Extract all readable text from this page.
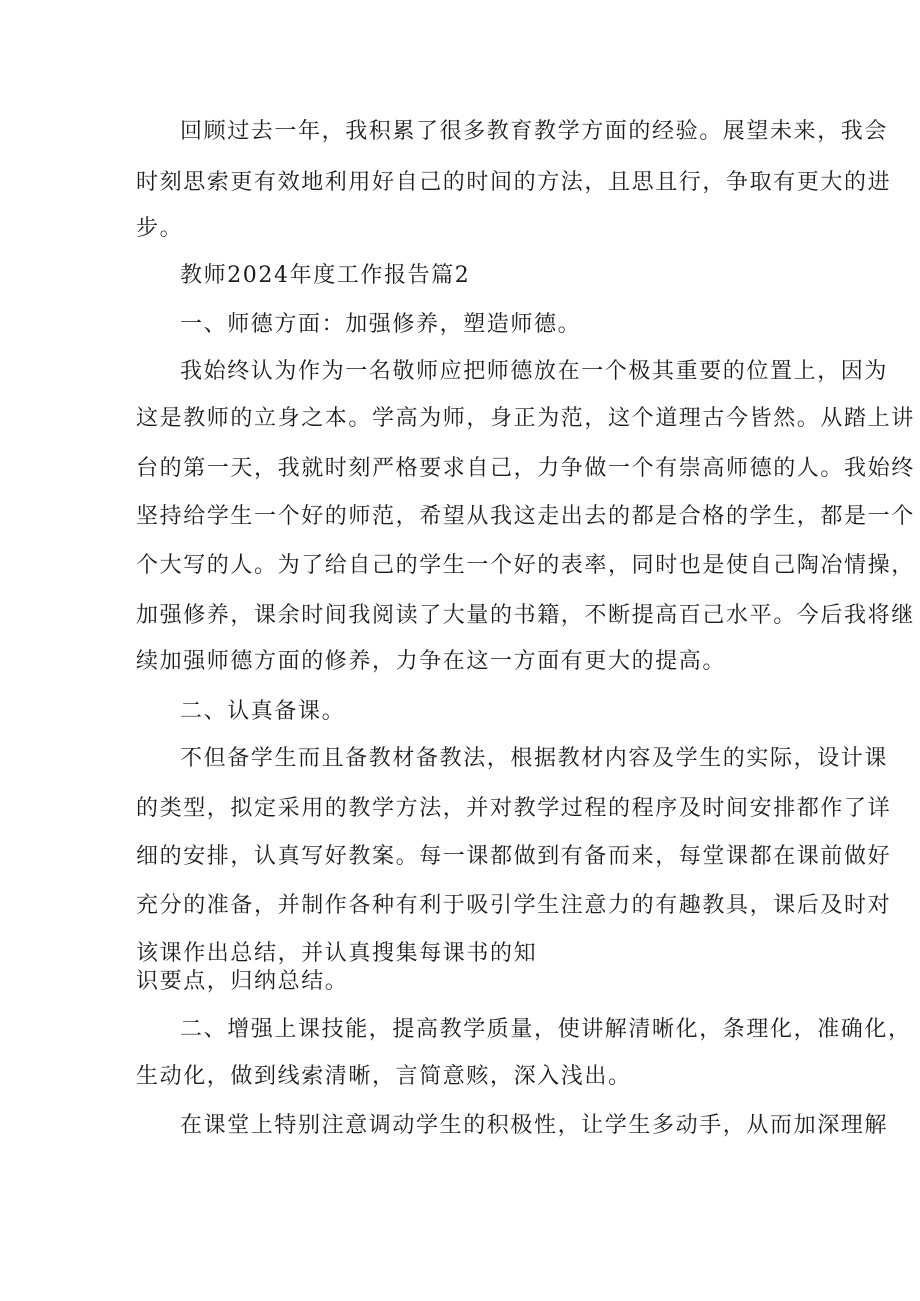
回顾过去一年，我积累了很多教育教学方面的经验。展望未来，我会
时刻思索更有效地利用好自己的时间的方法，且思且行，争取有更大的进
步。
教师2024年度工作报告篇2
一、师德方面：加强修养，塑造师德。
我始终认为作为一名敬师应把师德放在一个极其重要的位置上，因为
这是教师的立身之本。学高为师，身正为范，这个道理古今皆然。从踏上讲
台的第一天，我就时刻严格要求自己，力争做一个有崇高师德的人。我始终
坚持给学生一个好的师范，希望从我这走出去的都是合格的学生，都是一个
个大写的人。为了给自己的学生一个好的表率，同时也是使自己陶冶情操，
加强修养，课余时间我阅读了大量的书籍，不断提高百己水平。今后我将继
续加强师德方面的修养，力争在这一方面有更大的提高。
二、认真备课。
不但备学生而且备教材备教法，根据教材内容及学生的实际，设计课
的类型，拟定采用的教学方法，并对教学过程的程序及时间安排都作了详
细的安排，认真写好教案。每一课都做到有备而来，每堂课都在课前做好
充分的准备，并制作各种有利于吸引学生注意力的有趣教具，课后及时对
该课作出总结，并认真搜集每课书的知
识要点，归纳总结。
二、增强上课技能，提高教学质量，使讲解清晰化，条理化，准确化，
生动化，做到线索清晰，言简意赅，深入浅出。
在课堂上特别注意调动学生的积极性，让学生多动手，从而加深理解
